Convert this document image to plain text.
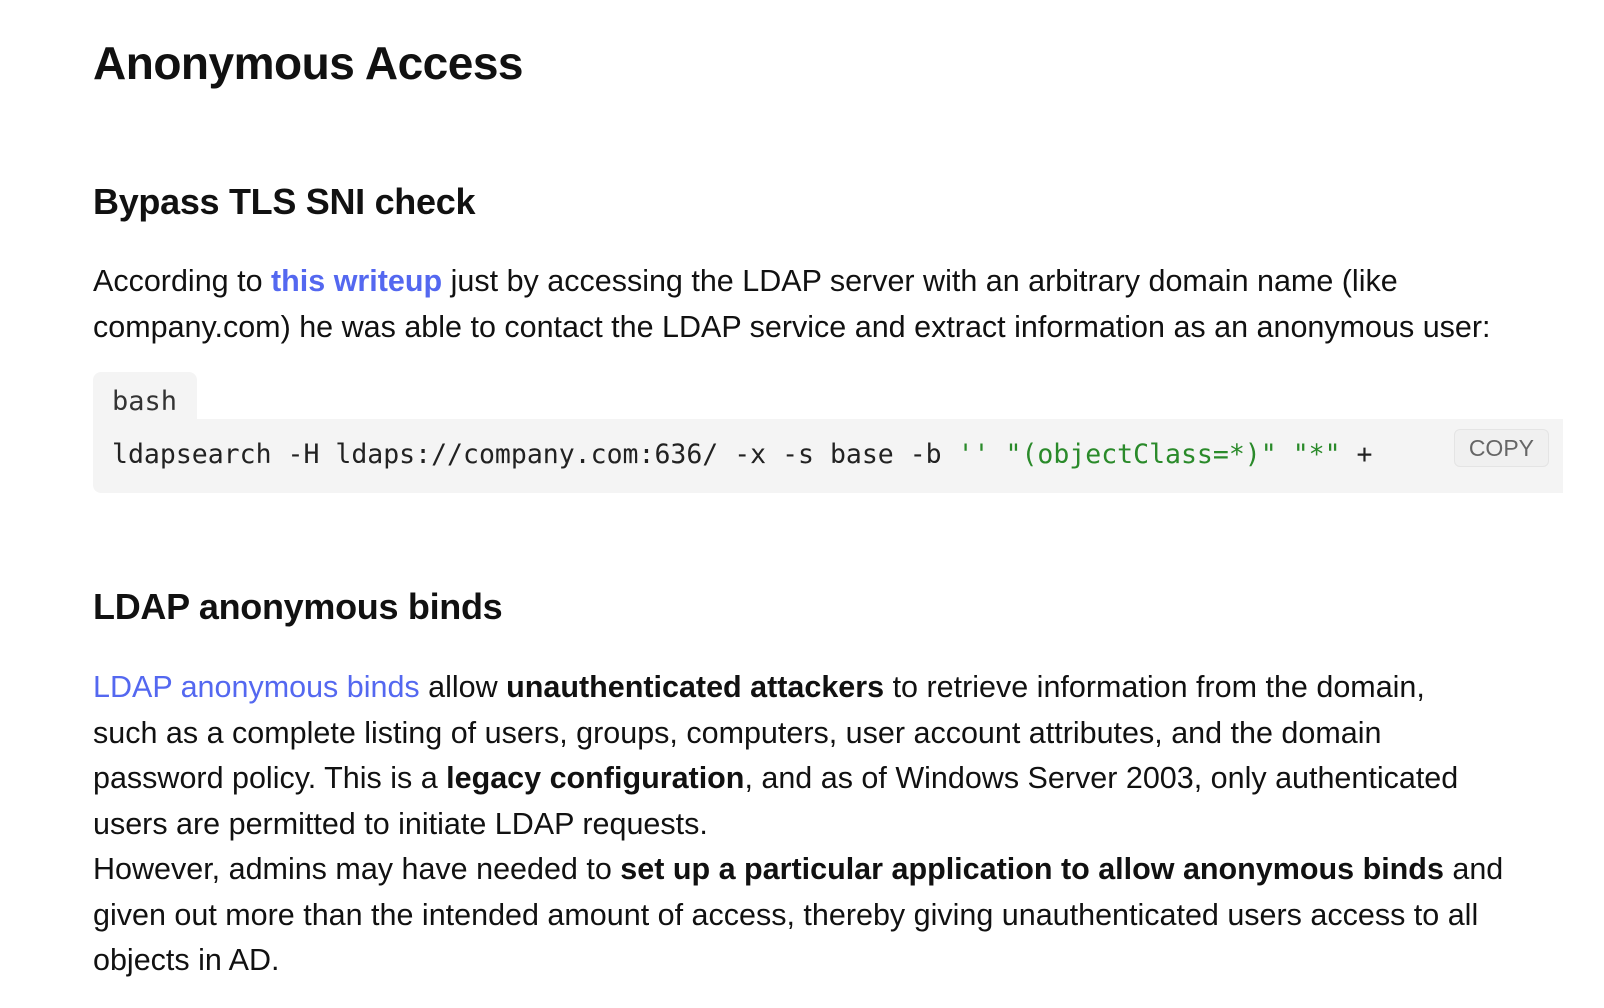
Anonymous Access
Bypass TLS SNI check

According to this writeup just by accessing the LDAP server with an arbitrary domain name (like
company.com) he was able to contact the LDAP service and extract information as an anonymous user:

bash
ldapsearch -H ldaps://company.com:636/ -x -s base -b '' "(objectClass=*)" "*" +	COPY
LDAP anonymous binds

LDAP anonymous binds allow unauthenticated attackers to retrieve information from the domain,
such as a complete listing of users, groups, computers, user account attributes, and the domain
password policy. This is a legacy configuration, and as of Windows Server 2003, only authenticated
users are permitted to initiate LDAP requests.
However, admins may have needed to set up a particular application to allow anonymous binds and
given out more than the intended amount of access, thereby giving unauthenticated users access to all
objects in AD.
